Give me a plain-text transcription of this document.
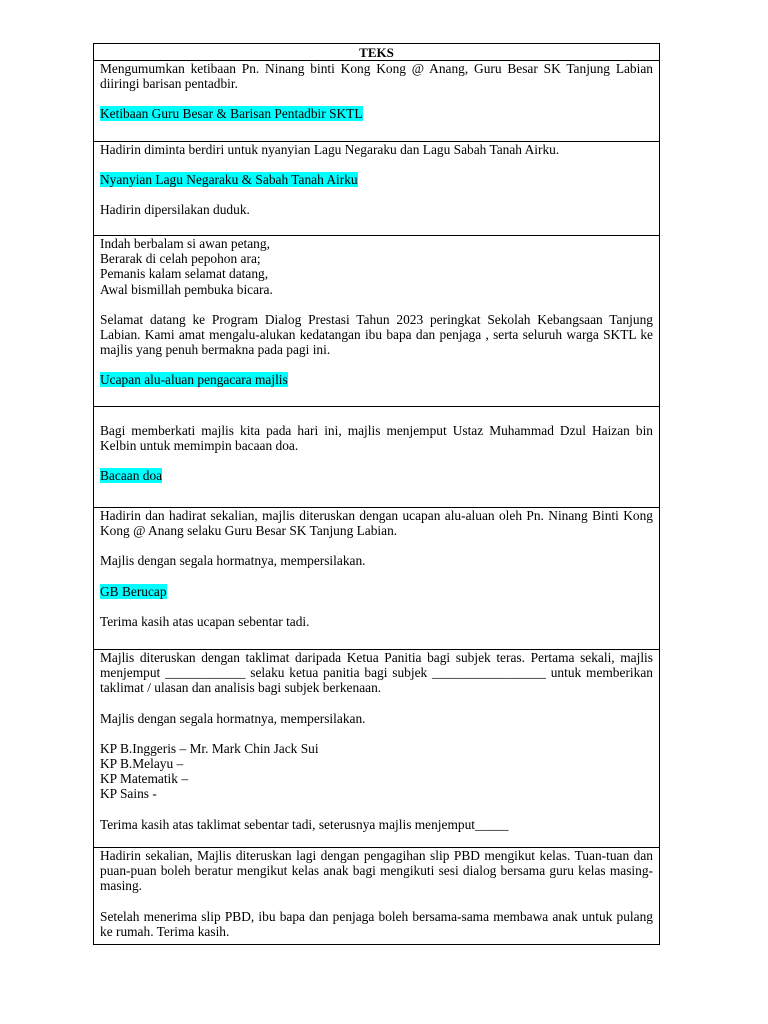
TEKS

Mengumumkan ketibaan Pn. Ninang binti Kong Kong @ Anang, Guru Besar SK Tanjung Labian diiringi barisan pentadbir.

Ketibaan Guru Besar & Barisan Pentadbir SKTL

Hadirin diminta berdiri untuk nyanyian Lagu Negaraku dan Lagu Sabah Tanah Airku.

Nyanyian Lagu Negaraku & Sabah Tanah Airku

Hadirin dipersilakan duduk.

Indah berbalam si awan petang,

Berarak di celah pepohon ara;

Pemanis kalam selamat datang,

Awal bismillah pembuka bicara.

Selamat datang ke Program Dialog Prestasi Tahun 2023 peringkat Sekolah Kebangsaan Tanjung Labian. Kami amat mengalu-alukan kedatangan ibu bapa dan penjaga , serta seluruh warga SKTL ke majlis yang penuh bermakna pada pagi ini.

Ucapan alu-aluan pengacara majlis

Bagi memberkati majlis kita pada hari ini, majlis menjemput Ustaz Muhammad Dzul Haizan bin Kelbin untuk memimpin bacaan doa.

Bacaan doa

Hadirin dan hadirat sekalian, majlis diteruskan dengan ucapan alu-aluan oleh Pn. Ninang Binti Kong Kong @ Anang selaku Guru Besar SK Tanjung Labian.

Majlis dengan segala hormatnya, mempersilakan.

GB Berucap

Terima kasih atas ucapan sebentar tadi.

Majlis diteruskan dengan taklimat daripada Ketua Panitia bagi subjek teras. Pertama sekali, majlis menjemput ____________ selaku ketua panitia bagi subjek _________________ untuk memberikan taklimat / ulasan dan analisis bagi subjek berkenaan.

Majlis dengan segala hormatnya, mempersilakan.

KP B.Inggeris – Mr. Mark Chin Jack Sui

KP B.Melayu –

KP Matematik –

KP Sains -

Terima kasih atas taklimat sebentar tadi, seterusnya majlis menjemput_____

Hadirin sekalian, Majlis diteruskan lagi dengan pengagihan slip PBD mengikut kelas. Tuan-tuan dan puan-puan boleh beratur mengikut kelas anak bagi mengikuti sesi dialog bersama guru kelas masing-masing.

Setelah menerima slip PBD, ibu bapa dan penjaga boleh bersama-sama membawa anak untuk pulang ke rumah. Terima kasih.
